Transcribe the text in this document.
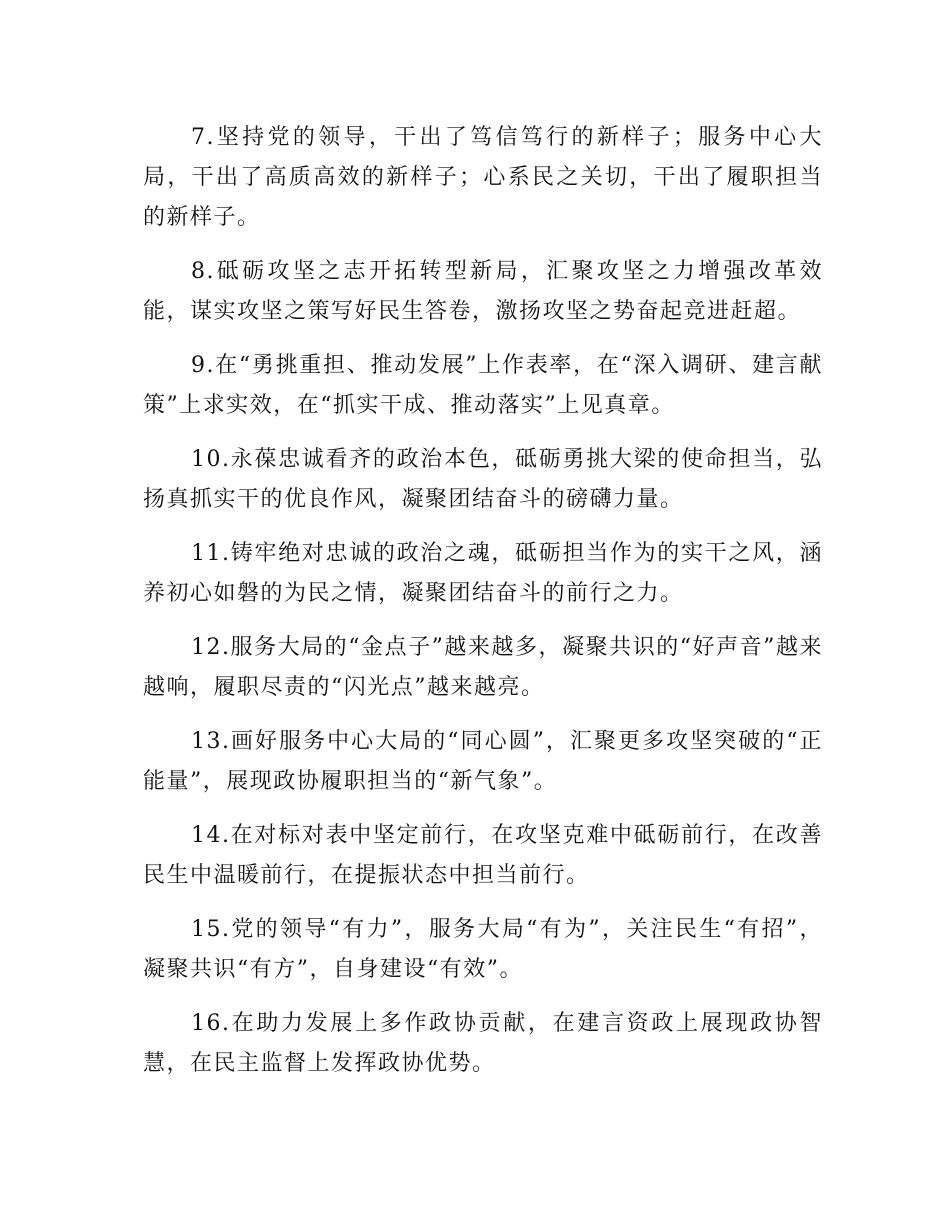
7.坚持党的领导，干出了笃信笃行的新样子；服务中心大局，干出了高质高效的新样子；心系民之关切，干出了履职担当的新样子。

8.砥砺攻坚之志开拓转型新局，汇聚攻坚之力增强改革效能，谋实攻坚之策写好民生答卷，激扬攻坚之势奋起竞进赶超。

9.在“勇挑重担、推动发展”上作表率，在“深入调研、建言献策”上求实效，在“抓实干成、推动落实”上见真章。

10.永葆忠诚看齐的政治本色，砥砺勇挑大梁的使命担当，弘扬真抓实干的优良作风，凝聚团结奋斗的磅礴力量。

11.铸牢绝对忠诚的政治之魂，砥砺担当作为的实干之风，涵养初心如磐的为民之情，凝聚团结奋斗的前行之力。

12.服务大局的“金点子”越来越多，凝聚共识的“好声音”越来越响，履职尽责的“闪光点”越来越亮。

13.画好服务中心大局的“同心圆”，汇聚更多攻坚突破的“正能量”，展现政协履职担当的“新气象”。

14.在对标对表中坚定前行，在攻坚克难中砥砺前行，在改善民生中温暖前行，在提振状态中担当前行。

15.党的领导“有力”，服务大局“有为”，关注民生“有招”，凝聚共识“有方”，自身建设“有效”。

16.在助力发展上多作政协贡献，在建言资政上展现政协智慧，在民主监督上发挥政协优势。
